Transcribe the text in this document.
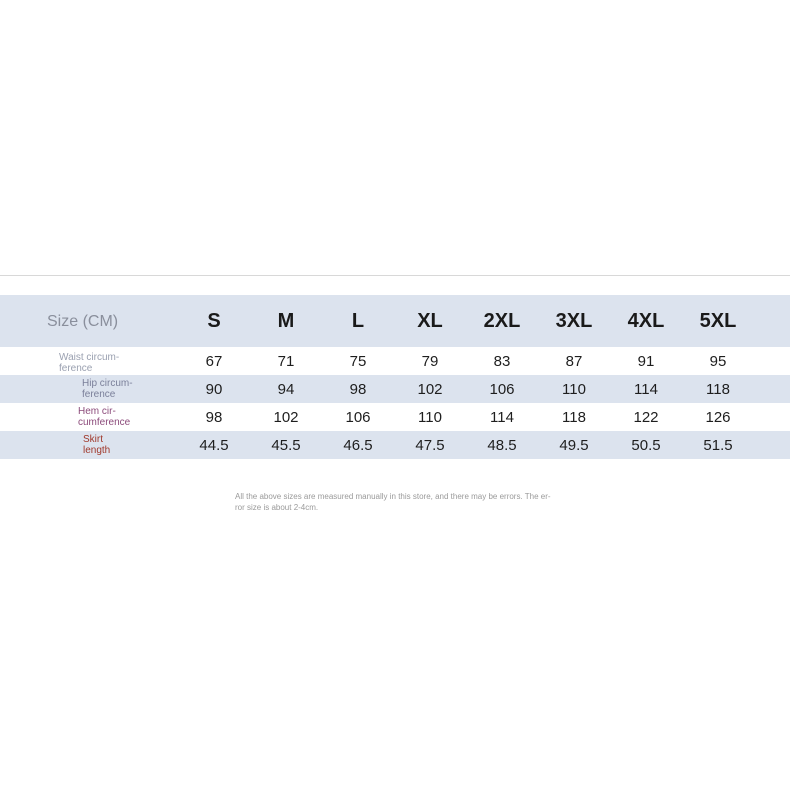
Size (CM)	S	M	L	XL	2XL	3XL	4XL	5XL
Waist circum-
ference	67	71	75	79	83	87	91	95
Hip circum-
ference	90	94	98	102	106	110	114	118
Hem cir-
cumference	98	102	106	110	114	118	122	126
Skirt
length	44.5	45.5	46.5	47.5	48.5	49.5	50.5	51.5
All the above sizes are measured manually in this store, and there may be errors. The er-
ror size is about 2-4cm.
